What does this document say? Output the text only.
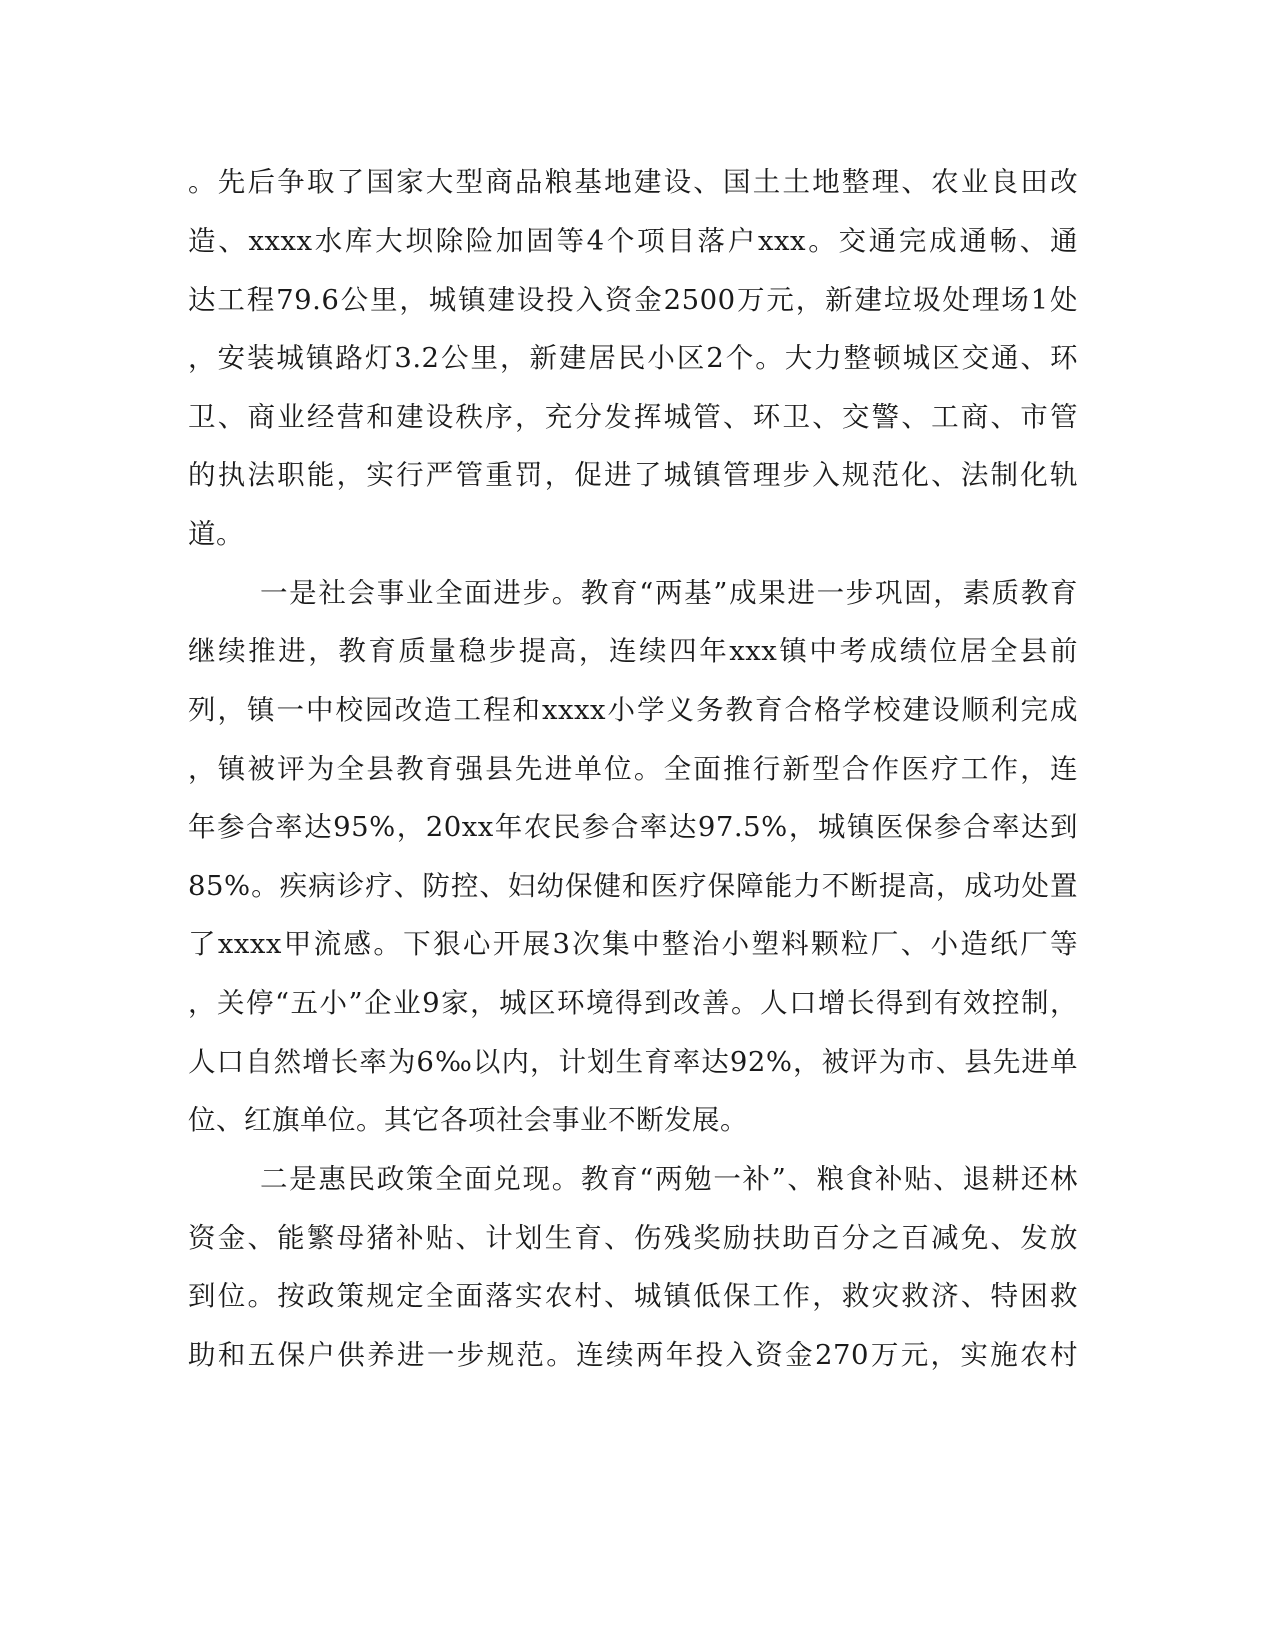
。先后争取了国家大型商品粮基地建设、国土土地整理、农业良田改
造、xxxx水库大坝除险加固等4个项目落户xxx。交通完成通畅、通
达工程79.6公里，城镇建设投入资金2500万元，新建垃圾处理场1处
，安装城镇路灯3.2公里，新建居民小区2个。大力整顿城区交通、环
卫、商业经营和建设秩序，充分发挥城管、环卫、交警、工商、市管
的执法职能，实行严管重罚，促进了城镇管理步入规范化、法制化轨
道。
一是社会事业全面进步。教育“两基”成果进一步巩固，素质教育
继续推进，教育质量稳步提高，连续四年xxx镇中考成绩位居全县前
列，镇一中校园改造工程和xxxx小学义务教育合格学校建设顺利完成
，镇被评为全县教育强县先进单位。全面推行新型合作医疗工作，连
年参合率达95%，20xx年农民参合率达97.5%，城镇医保参合率达到
85%。疾病诊疗、防控、妇幼保健和医疗保障能力不断提高，成功处置
了xxxx甲流感。下狠心开展3次集中整治小塑料颗粒厂、小造纸厂等
，关停“五小”企业9家，城区环境得到改善。人口增长得到有效控制，
人口自然增长率为6‰以内，计划生育率达92%，被评为市、县先进单
位、红旗单位。其它各项社会事业不断发展。
二是惠民政策全面兑现。教育“两勉一补”、粮食补贴、退耕还林
资金、能繁母猪补贴、计划生育、伤残奖励扶助百分之百减免、发放
到位。按政策规定全面落实农村、城镇低保工作，救灾救济、特困救
助和五保户供养进一步规范。连续两年投入资金270万元，实施农村
